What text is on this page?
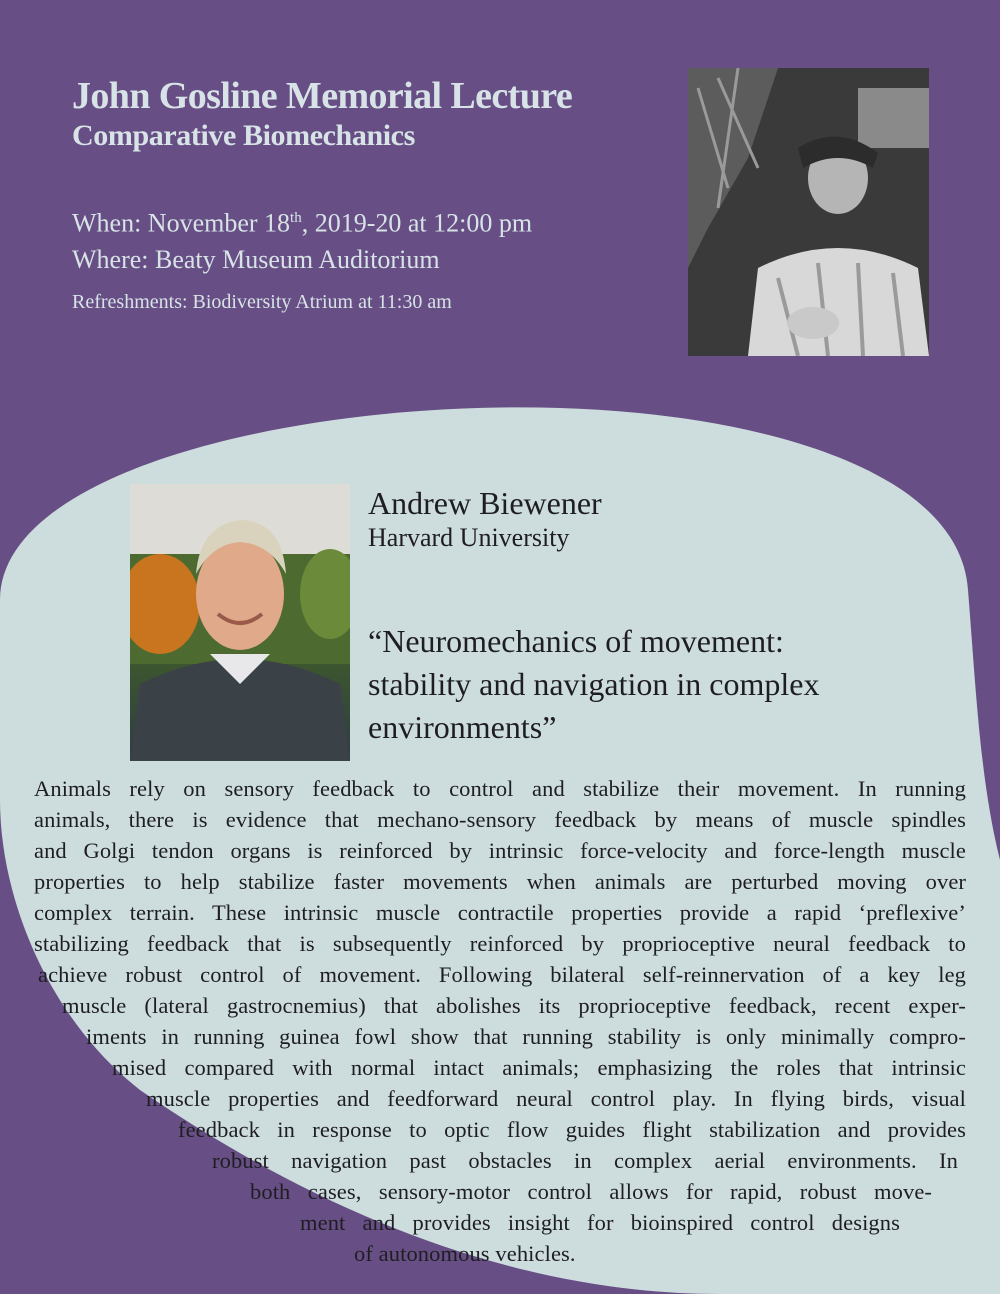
John Gosline Memorial Lecture
Comparative Biomechanics
When: November 18th, 2019-20 at 12:00 pm
Where: Beaty Museum Auditorium
Refreshments: Biodiversity Atrium at 11:30 am
Andrew Biewener
Harvard University
“Neuromechanics of movement:
stability and navigation in complex
environments”
Animals rely on sensory feedback to control and stabilize their movement. In running
animals, there is evidence that mechano-sensory feedback by means of muscle spindles
and Golgi tendon organs is reinforced by intrinsic force-velocity and force-length muscle
properties to help stabilize faster movements when animals are perturbed moving over
complex terrain. These intrinsic muscle contractile properties provide a rapid ‘preflexive’
stabilizing feedback that is subsequently reinforced by proprioceptive neural feedback to
achieve robust control of movement. Following bilateral self-reinnervation of a key leg
muscle (lateral gastrocnemius) that abolishes its proprioceptive feedback, recent exper-
iments in running guinea fowl show that running stability is only minimally compro-
mised compared with normal intact animals; emphasizing the roles that intrinsic
muscle properties and feedforward neural control play. In flying birds, visual
feedback in response to optic flow guides flight stabilization and provides
robust navigation past obstacles in complex aerial environments. In
both cases, sensory-motor control allows for rapid, robust move-
ment and provides insight for bioinspired control designs
of autonomous vehicles.
